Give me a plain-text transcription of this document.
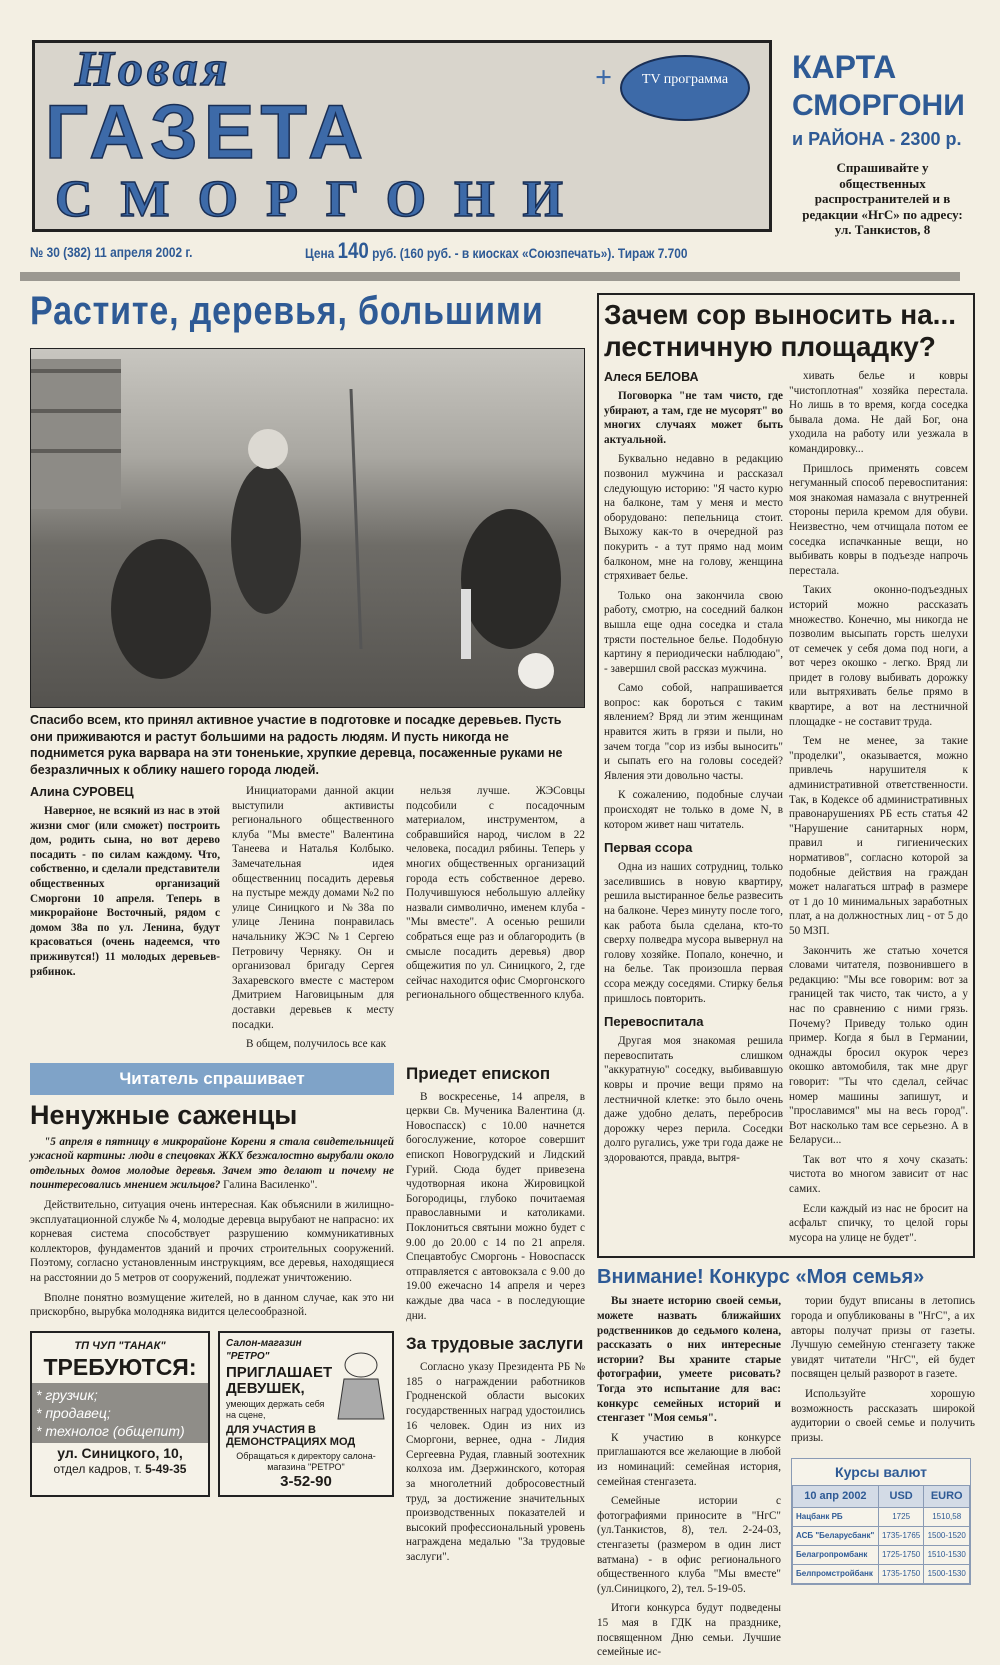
Новая
ГАЗЕТА
СМОРГОНИ
+	TV программа	КАРТА
СМОРГОНИ
и РАЙОНА - 2300 р.
Спрашивайте у общественных распространителей и в редакции «НгС» по адресу: ул. Танкистов, 8
№ 30 (382) 11 апреля 2002 г.	Цена 140 руб. (160 руб. - в киосках «Союзпечать»). Тираж 7.700
Растите, деревья, большими
Спасибо всем, кто принял активное участие в подготовке и посадке деревьев. Пусть они приживаются и растут большими на радость людям. И пусть никогда не поднимется рука варвара на эти тоненькие, хрупкие деревца, посаженные руками не безразличных к облику нашего города людей.
Алина СУРОВЕЦ

Наверное, не всякий из нас в этой жизни смог (или сможет) построить дом, родить сына, но вот дерево посадить - по силам каждому. Что, собственно, и сделали представители общественных организаций Сморгони 10 апреля. Теперь в микрорайоне Восточный, рядом с домом 38а по ул. Ленина, будут красоваться (очень надеемся, что приживутся!) 11 молодых деревьев-рябинок.

Инициаторами данной акции выступили активисты регионального общественного клуба "Мы вместе" Валентина Танеева и Наталья Колбыко. Замечательная идея общественниц посадить деревья на пустыре между домами №2 по улице Синицкого и №38а по улице Ленина понравилась начальнику ЖЭС №1 Сергею Петровичу Черняку. Он и организовал бригаду Сергея Захаревского вместе с мастером Дмитрием Наговицыным для доставки деревьев к месту посадки.

В общем, получилось все как

нельзя лучше. ЖЭСовцы подсобили с посадочным материалом, инструментом, а собравшийся народ, числом в 22 человека, посадил рябины. Теперь у многих общественных организаций города есть собственное дерево. Получившуюся небольшую аллейку назвали символично, именем клуба - "Мы вместе". А осенью решили собраться еще раз и облагородить (в смысле посадить деревья) двор общежития по ул. Синицкого, 2, где сейчас находится офис Сморгонского регионального общественного клуба.

Читатель спрашивает
Ненужные саженцы

"5 апреля в пятницу в микрорайоне Корени я стала свидетельницей ужасной картины: люди в спецовках ЖКХ безжалостно вырубали около отдельных домов молодые деревья. Зачем это делают и почему не поинтересовались мнением жильцов? Галина Василенко".

Действительно, ситуация очень интересная. Как объяснили в жилищно-эксплуатационной службе № 4, молодые деревца вырубают не напрасно: их корневая система способствует разрушению коммуникативных коллекторов, фундаментов зданий и прочих строительных сооружений. Поэтому, согласно установленным инструкциям, все деревья, находящиеся на расстоянии до 5 метров от сооружений, подлежат уничтожению.

Вполне понятно возмущение жителей, но в данном случае, как это ни прискорбно, вырубка молодняка видится целесообразной.

ТП ЧУП "ТАНАК"
ТРЕБУЮТСЯ:
* грузчик;
* продавец;
* технолог (общепит)
ул. Синицкого, 10,
отдел кадров, т. 5-49-35
Салон-магазин "РЕТРО"
ПРИГЛАШАЕТ ДЕВУШЕК,
умеющих держать себя на сцене,
ДЛЯ УЧАСТИЯ В ДЕМОНСТРАЦИЯХ МОД
Обращаться к директору салона-магазина "РЕТРО"
3-52-90
Приедет епископ

В воскресенье, 14 апреля, в церкви Св. Мученика Валентина (д. Новоспасск) с 10.00 начнется богослужение, которое совершит епископ Новогрудский и Лидский Гурий. Сюда будет привезена чудотворная икона Жировицкой Богородицы, глубоко почитаемая православными и католиками. Поклониться святыни можно будет с 9.00 до 20.00 с 14 по 21 апреля. Спецавтобус Сморгонь - Новоспасск отправляется с автовокзала с 9.00 до 19.00 ежечасно 14 апреля и через каждые два часа - в последующие дни.

За трудовые заслуги

Согласно указу Президента РБ № 185 о награждении работников Гродненской области высоких государственных наград удостоились 16 человек. Один из них из Сморгони, вернее, одна - Лидия Сергеевна Рудая, главный зоотехник колхоза им. Дзержинского, которая за многолетний добросовестный труд, за достижение значительных производственных показателей и высокий профессиональный уровень награждена медалью "За трудовые заслуги".

Зачем сор выносить на... лестничную площадку?
Алеся БЕЛОВА

Поговорка "не там чисто, где убирают, а там, где не мусорят" во многих случаях может быть актуальной.

Буквально недавно в редакцию позвонил мужчина и рассказал следующую историю: "Я часто курю на балконе, там у меня и место оборудовано: пепельница стоит. Выхожу как-то в очередной раз покурить - а тут прямо над моим балконом, мне на голову, женщина стряхивает белье.

Только она закончила свою работу, смотрю, на соседний балкон вышла еще одна соседка и стала трясти постельное белье. Подобную картину я периодически наблюдаю", - завершил свой рассказ мужчина.

Само собой, напрашивается вопрос: как бороться с таким явлением? Вряд ли этим женщинам нравится жить в грязи и пыли, но зачем тогда "сор из избы выносить" и сыпать его на головы соседей? Явления эти довольно часты.

К сожалению, подобные случаи происходят не только в доме N, в котором живет наш читатель.

Первая ссора

Одна из наших сотрудниц, только заселившись в новую квартиру, решила выстиранное белье развесить на балконе. Через минуту после того, как работа была сделана, кто-то сверху полведра мусора вывернул на голову хозяйке. Попало, конечно, и на белье. Так произошла первая ссора между соседями. Стирку белья пришлось повторить.

Перевоспитала

Другая моя знакомая решила перевоспитать слишком "аккуратную" соседку, выбивавшую ковры и прочие вещи прямо на лестничной клетке: это было очень даже удобно делать, перебросив дорожку через перила. Соседки долго ругались, уже три года даже не здороваются, правда, вытря-

хивать белье и ковры "чистоплотная" хозяйка перестала. Но лишь в то время, когда соседка бывала дома. Не дай Бог, она уходила на работу или уезжала в командировку...

Пришлось применять совсем негуманный способ перевоспитания: моя знакомая намазала с внутренней стороны перила кремом для обуви. Неизвестно, чем отчищала потом ее соседка испачканные вещи, но выбивать ковры в подъезде напрочь перестала.

Таких оконно-подъездных историй можно рассказать множество. Конечно, мы никогда не позволим высыпать горсть шелухи от семечек у себя дома под ноги, а вот через окошко - легко. Вряд ли придет в голову выбивать дорожку или вытряхивать белье прямо в квартире, а вот на лестничной площадке - не составит труда.

Тем не менее, за такие "проделки", оказывается, можно привлечь нарушителя к административной ответственности. Так, в Кодексе об административных правонарушениях РБ есть статья 42 "Нарушение санитарных норм, правил и гигиенических нормативов", согласно которой за подобные действия на граждан может налагаться штраф в размере от 1 до 10 минимальных заработных плат, а на должностных лиц - от 5 до 50 МЗП.

Закончить же статью хочется словами читателя, позвонившего в редакцию: "Мы все говорим: вот за границей так чисто, так чисто, а у нас по сравнению с ними грязь. Почему? Приведу только один пример. Когда я был в Германии, однажды бросил окурок через окошко автомобиля, так мне друг говорит: "Ты что сделал, сейчас номер машины запишут, и "прославимся" мы на весь город". Вот насколько там все серьезно. А в Беларуси...

Так вот что я хочу сказать: чистота во многом зависит от нас самих.

Если каждый из нас не бросит на асфальт спичку, то целой горы мусора на улице не будет".

Внимание! Конкурс «Моя семья»

Вы знаете историю своей семьи, можете назвать ближайших родственников до седьмого колена, рассказать о них интересные истории? Вы храните старые фотографии, умеете рисовать? Тогда это испытание для вас: конкурс семейных историй и стенгазет "Моя семья".

К участию в конкурсе приглашаются все желающие в любой из номинаций: семейная история, семейная стенгазета.

Семейные истории с фотографиями приносите в "НгС" (ул.Танкистов, 8), тел. 2-24-03, стенгазеты (размером в один лист ватмана) - в офис регионального общественного клуба "Мы вместе" (ул.Синицкого, 2), тел. 5-19-05.

Итоги конкурса будут подведены 15 мая в ГДК на празднике, посвященном Дню семьи. Лучшие семейные ис-

тории будут вписаны в летопись города и опубликованы в "НгС", а их авторы получат призы от газеты. Лучшую семейную стенгазету также увидят читатели "НгС", ей будет посвящен целый разворот в газете.

Используйте хорошую возможность рассказать широкой аудитории о своей семье и получить призы.

Курсы валют
10 апр 2002	USD	EURO
Нацбанк РБ	1725	1510,58
АСБ "Беларусбанк"	1735-1765	1500-1520
Белагропромбанк	1725-1750	1510-1530
Белпромстройбанк	1735-1750	1500-1530
